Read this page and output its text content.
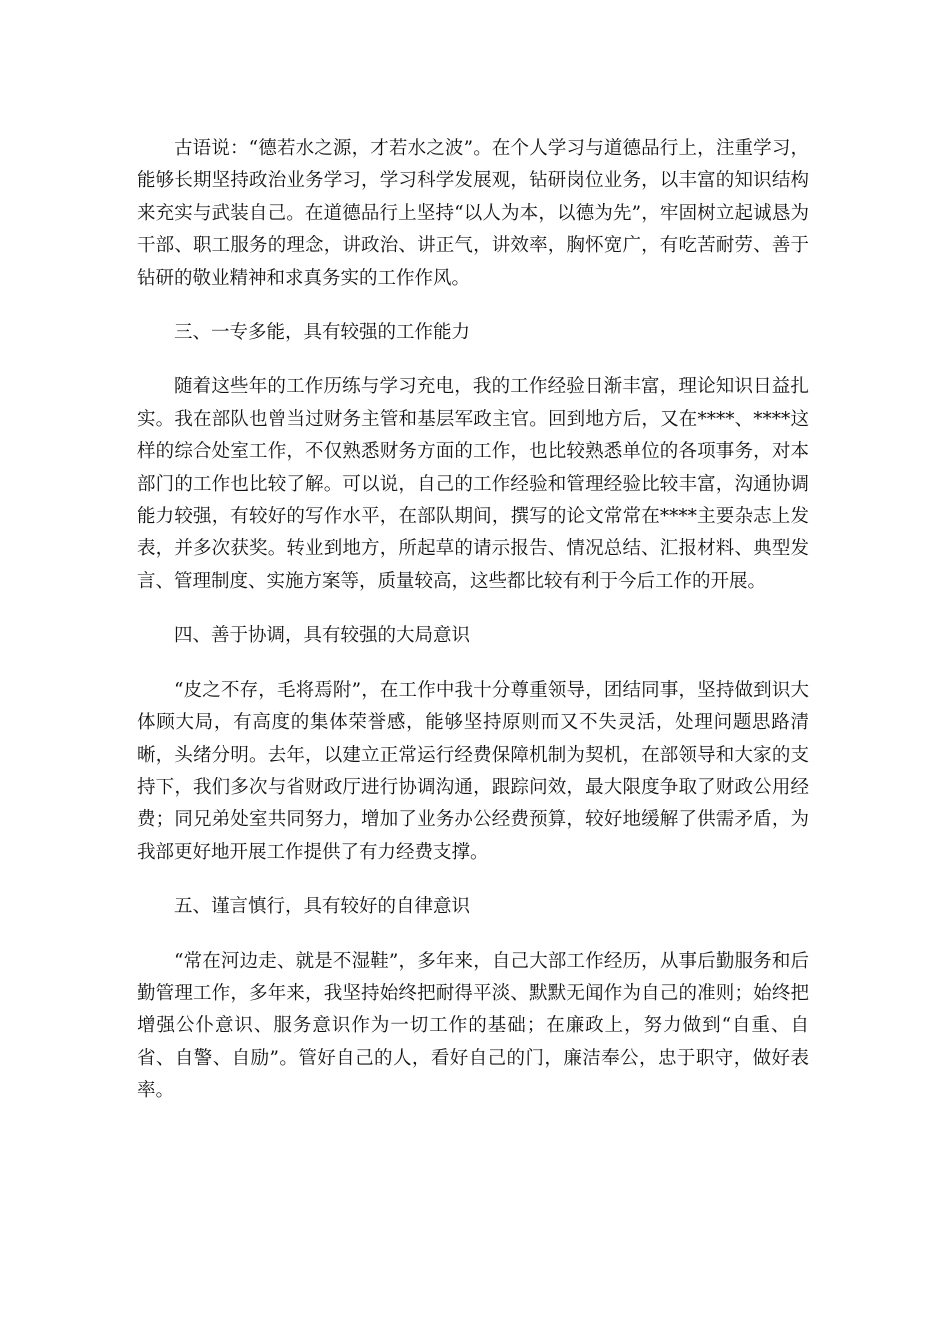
古语说：“德若水之源，才若水之波”。在个人学习与道德品行上，注重学习，能够长期坚持政治业务学习，学习科学发展观，钻研岗位业务，以丰富的知识结构来充实与武装自己。在道德品行上坚持“以人为本，以德为先”，牢固树立起诚恳为干部、职工服务的理念，讲政治、讲正气，讲效率，胸怀宽广，有吃苦耐劳、善于钻研的敬业精神和求真务实的工作作风。

三、一专多能，具有较强的工作能力

随着这些年的工作历练与学习充电，我的工作经验日渐丰富，理论知识日益扎实。我在部队也曾当过财务主管和基层军政主官。回到地方后，又在****、****这样的综合处室工作，不仅熟悉财务方面的工作，也比较熟悉单位的各项事务，对本部门的工作也比较了解。可以说，自己的工作经验和管理经验比较丰富，沟通协调能力较强，有较好的写作水平，在部队期间，撰写的论文常常在****主要杂志上发表，并多次获奖。转业到地方，所起草的请示报告、情况总结、汇报材料、典型发言、管理制度、实施方案等，质量较高，这些都比较有利于今后工作的开展。

四、善于协调，具有较强的大局意识

“皮之不存，毛将焉附”，在工作中我十分尊重领导，团结同事，坚持做到识大体顾大局，有高度的集体荣誉感，能够坚持原则而又不失灵活，处理问题思路清晰，头绪分明。去年，以建立正常运行经费保障机制为契机，在部领导和大家的支持下，我们多次与省财政厅进行协调沟通，跟踪问效，最大限度争取了财政公用经费；同兄弟处室共同努力，增加了业务办公经费预算，较好地缓解了供需矛盾，为我部更好地开展工作提供了有力经费支撑。

五、谨言慎行，具有较好的自律意识

“常在河边走、就是不湿鞋”，多年来，自己大部工作经历，从事后勤服务和后勤管理工作，多年来，我坚持始终把耐得平淡、默默无闻作为自己的准则；始终把增强公仆意识、服务意识作为一切工作的基础；在廉政上，努力做到“自重、自省、自警、自励”。管好自己的人，看好自己的门，廉洁奉公，忠于职守，做好表率。
